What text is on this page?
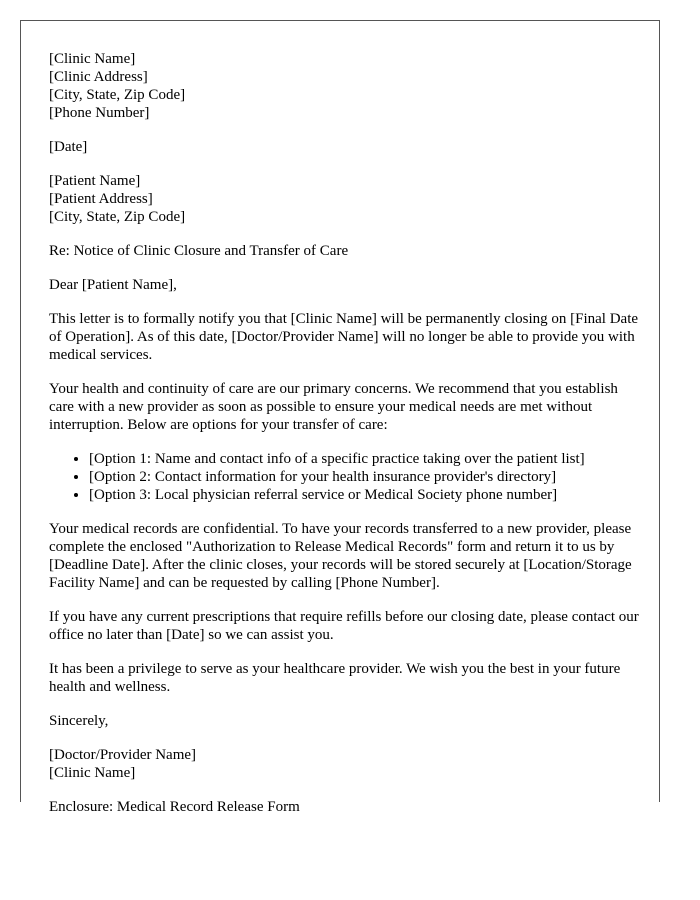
[Clinic Name]
[Clinic Address]
[City, State, Zip Code]
[Phone Number]
[Date]
[Patient Name]
[Patient Address]
[City, State, Zip Code]

Re: Notice of Clinic Closure and Transfer of Care

Dear [Patient Name],

This letter is to formally notify you that [Clinic Name] will be permanently closing on [Final Date of Operation]. As of this date, [Doctor/Provider Name] will no longer be able to provide you with medical services.

Your health and continuity of care are our primary concerns. We recommend that you establish care with a new provider as soon as possible to ensure your medical needs are met without interruption. Below are options for your transfer of care:

• [Option 1: Name and contact info of a specific practice taking over the patient list]
• [Option 2: Contact information for your health insurance provider's directory]
• [Option 3: Local physician referral service or Medical Society phone number]

Your medical records are confidential. To have your records transferred to a new provider, please complete the enclosed "Authorization to Release Medical Records" form and return it to us by [Deadline Date]. After the clinic closes, your records will be stored securely at [Location/Storage Facility Name] and can be requested by calling [Phone Number].

If you have any current prescriptions that require refills before our closing date, please contact our office no later than [Date] so we can assist you.

It has been a privilege to serve as your healthcare provider. We wish you the best in your future health and wellness.

Sincerely,

[Doctor/Provider Name]
[Clinic Name]

Enclosure: Medical Record Release Form
